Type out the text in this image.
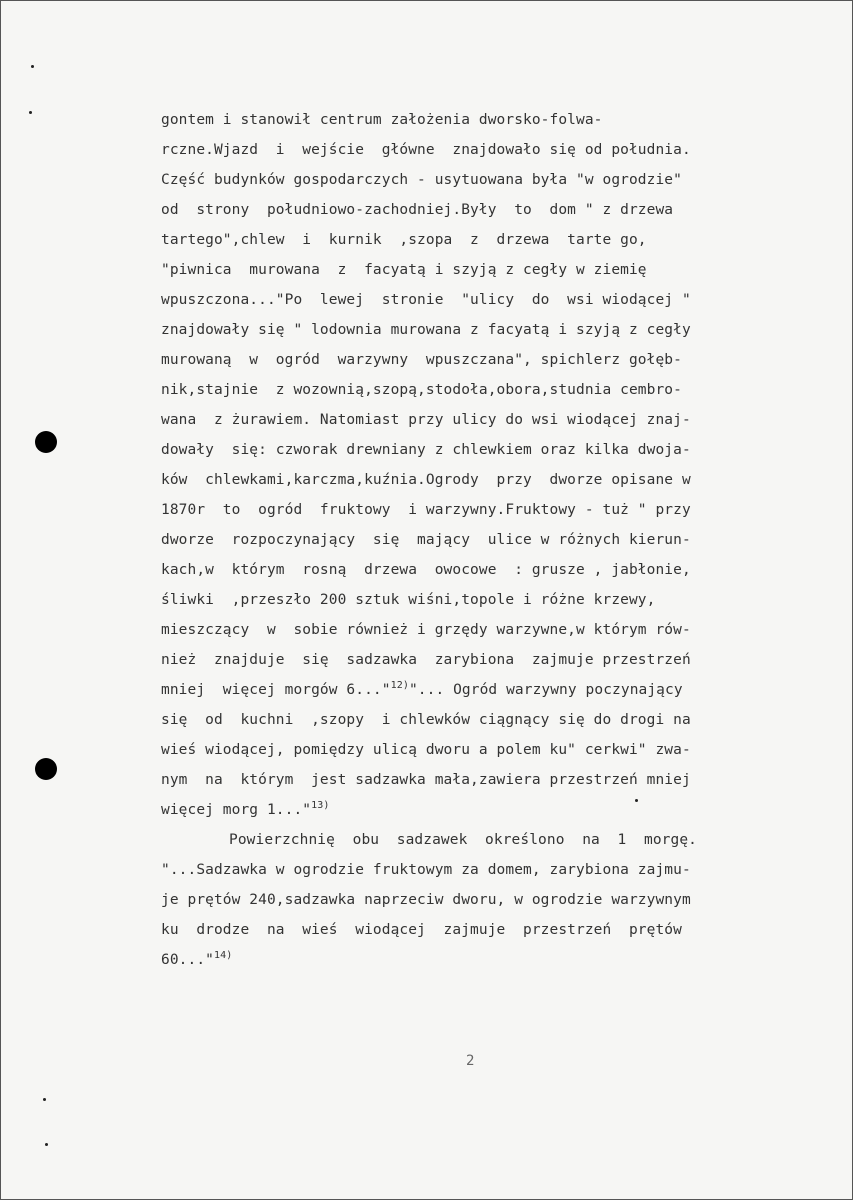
gontem i stanowił centrum założenia dworsko-folwa-
rczne.Wjazd  i  wejście  główne  znajdowało się od południa.
Część budynków gospodarczych - usytuowana była "w ogrodzie"
od  strony  południowo-zachodniej.Były  to  dom " z drzewa
tartego",chlew  i  kurnik  ,szopa  z  drzewa  tarte go,
"piwnica  murowana  z  facyatą i szyją z cegły w ziemię
wpuszczona..."Po  lewej  stronie  "ulicy  do  wsi wiodącej "
znajdowały się " lodownia murowana z facyatą i szyją z cegły
murowaną  w  ogród  warzywny  wpuszczana", spichlerz gołęb-
nik,stajnie  z wozownią,szopą,stodoła,obora,studnia cembro-
wana  z żurawiem. Natomiast przy ulicy do wsi wiodącej znaj-
dowały  się: czworak drewniany z chlewkiem oraz kilka dwoja-
ków  chlewkami,karczma,kuźnia.Ogrody  przy  dworze opisane w
1870r  to  ogród  fruktowy  i warzywny.Fruktowy - tuż " przy
dworze  rozpoczynający  się  mający  ulice w różnych kierun-
kach,w  którym  rosną  drzewa  owocowe  : grusze , jabłonie,
śliwki  ,przeszło 200 sztuk wiśni,topole i różne krzewy,
mieszczący  w  sobie również i grzędy warzywne,w którym rów-
nież  znajduje  się  sadzawka  zarybiona  zajmuje przestrzeń
mniej  więcej morgów 6..."$^{12)}$"... Ogród warzywny poczynający
się  od  kuchni  ,szopy  i chlewków ciągnący się do drogi na
wieś wiodącej, pomiędzy ulicą dworu a polem ku" cerkwi" zwa-
nym  na  którym  jest sadzawka mała,zawiera przestrzeń mniej
więcej morg 1..."$^{13)}$
Powierzchnię  obu  sadzawek  określono  na  1  morgę.
"...Sadzawka w ogrodzie fruktowym za domem, zarybiona zajmu-
je prętów 240,sadzawka naprzeciw dworu, w ogrodzie warzywnym
ku  drodze  na  wieś  wiodącej  zajmuje  przestrzeń  prętów
60..."$^{14)}$
2
